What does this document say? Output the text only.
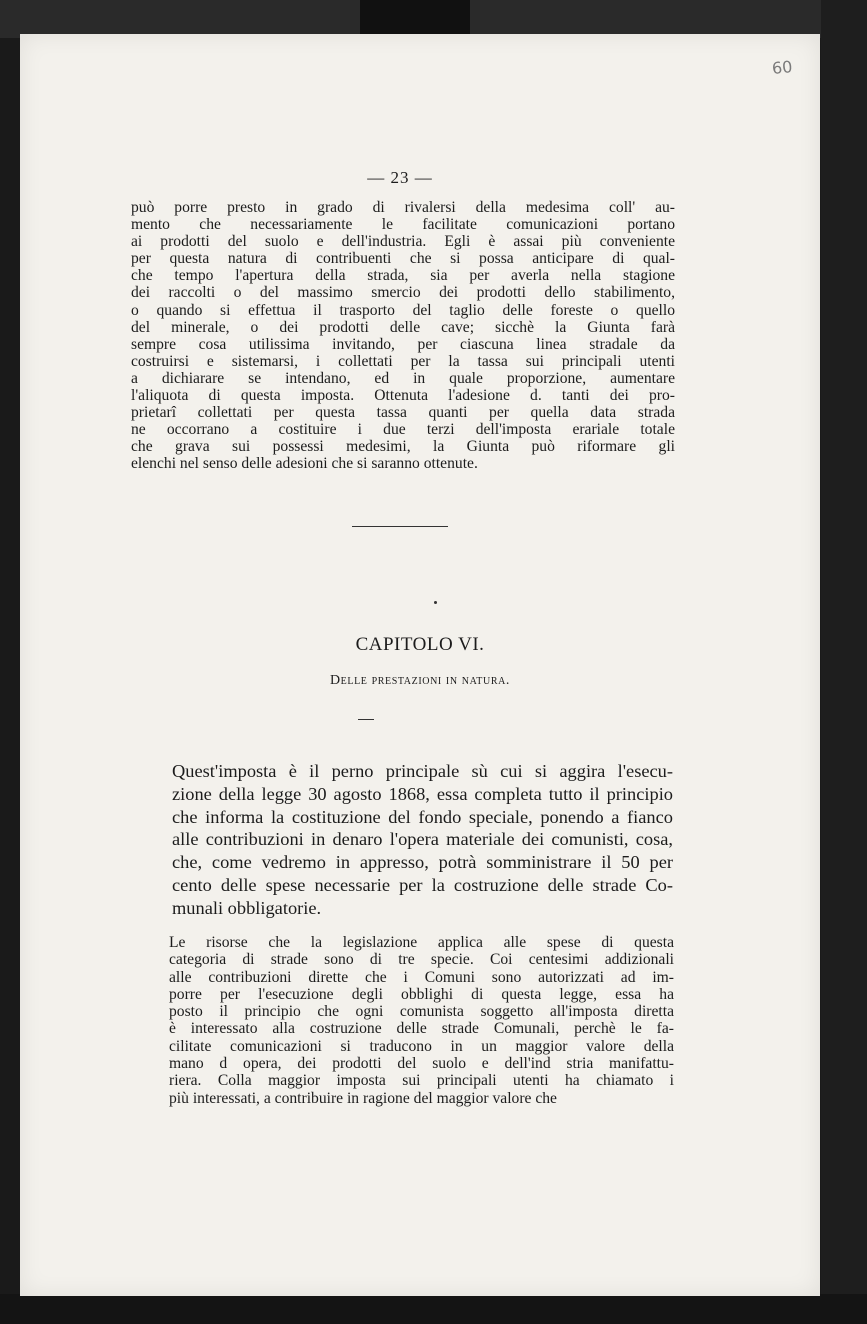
60
— 23 —
può porre presto in grado di rivalersi della medesima coll' au-
mento che necessariamente le facilitate comunicazioni portano
ai prodotti del suolo e dell'industria. Egli è assai più conveniente
per questa natura di contribuenti che si possa anticipare di qual-
che tempo l'apertura della strada, sia per averla nella stagione
dei raccolti o del massimo smercio dei prodotti dello stabilimento,
o quando si effettua il trasporto del taglio delle foreste o quello
del minerale, o dei prodotti delle cave; sicchè la Giunta farà
sempre cosa utilissima invitando, per ciascuna linea stradale da
costruirsi e sistemarsi, i collettati per la tassa sui principali utenti
a dichiarare se intendano, ed in quale proporzione, aumentare
l'aliquota di questa imposta. Ottenuta l'adesione d. tanti dei pro-
prietarî collettati per questa tassa quanti per quella data strada
ne occorrano a costituire i due terzi dell'imposta erariale totale
che grava sui possessi medesimi, la Giunta può riformare gli
elenchi nel senso delle adesioni che si saranno ottenute.
CAPITOLO VI.
Delle prestazioni in natura.
Quest'imposta è il perno principale sù cui si aggira l'esecu-
zione della legge 30 agosto 1868, essa completa tutto il principio
che informa la costituzione del fondo speciale, ponendo a fianco
alle contribuzioni in denaro l'opera materiale dei comunisti, cosa,
che, come vedremo in appresso, potrà somministrare il 50 per
cento delle spese necessarie per la costruzione delle strade Co-
munali obbligatorie.
Le risorse che la legislazione applica alle spese di questa
categoria di strade sono di tre specie. Coi centesimi addizionali
alle contribuzioni dirette che i Comuni sono autorizzati ad im-
porre per l'esecuzione degli obblighi di questa legge, essa ha
posto il principio che ogni comunista soggetto all'imposta diretta
è interessato alla costruzione delle strade Comunali, perchè le fa-
cilitate comunicazioni si traducono in un maggior valore della
mano d opera, dei prodotti del suolo e dell'ind stria manifattu-
riera. Colla maggior imposta sui principali utenti ha chiamato i
più interessati, a contribuire in ragione del maggior valore che
